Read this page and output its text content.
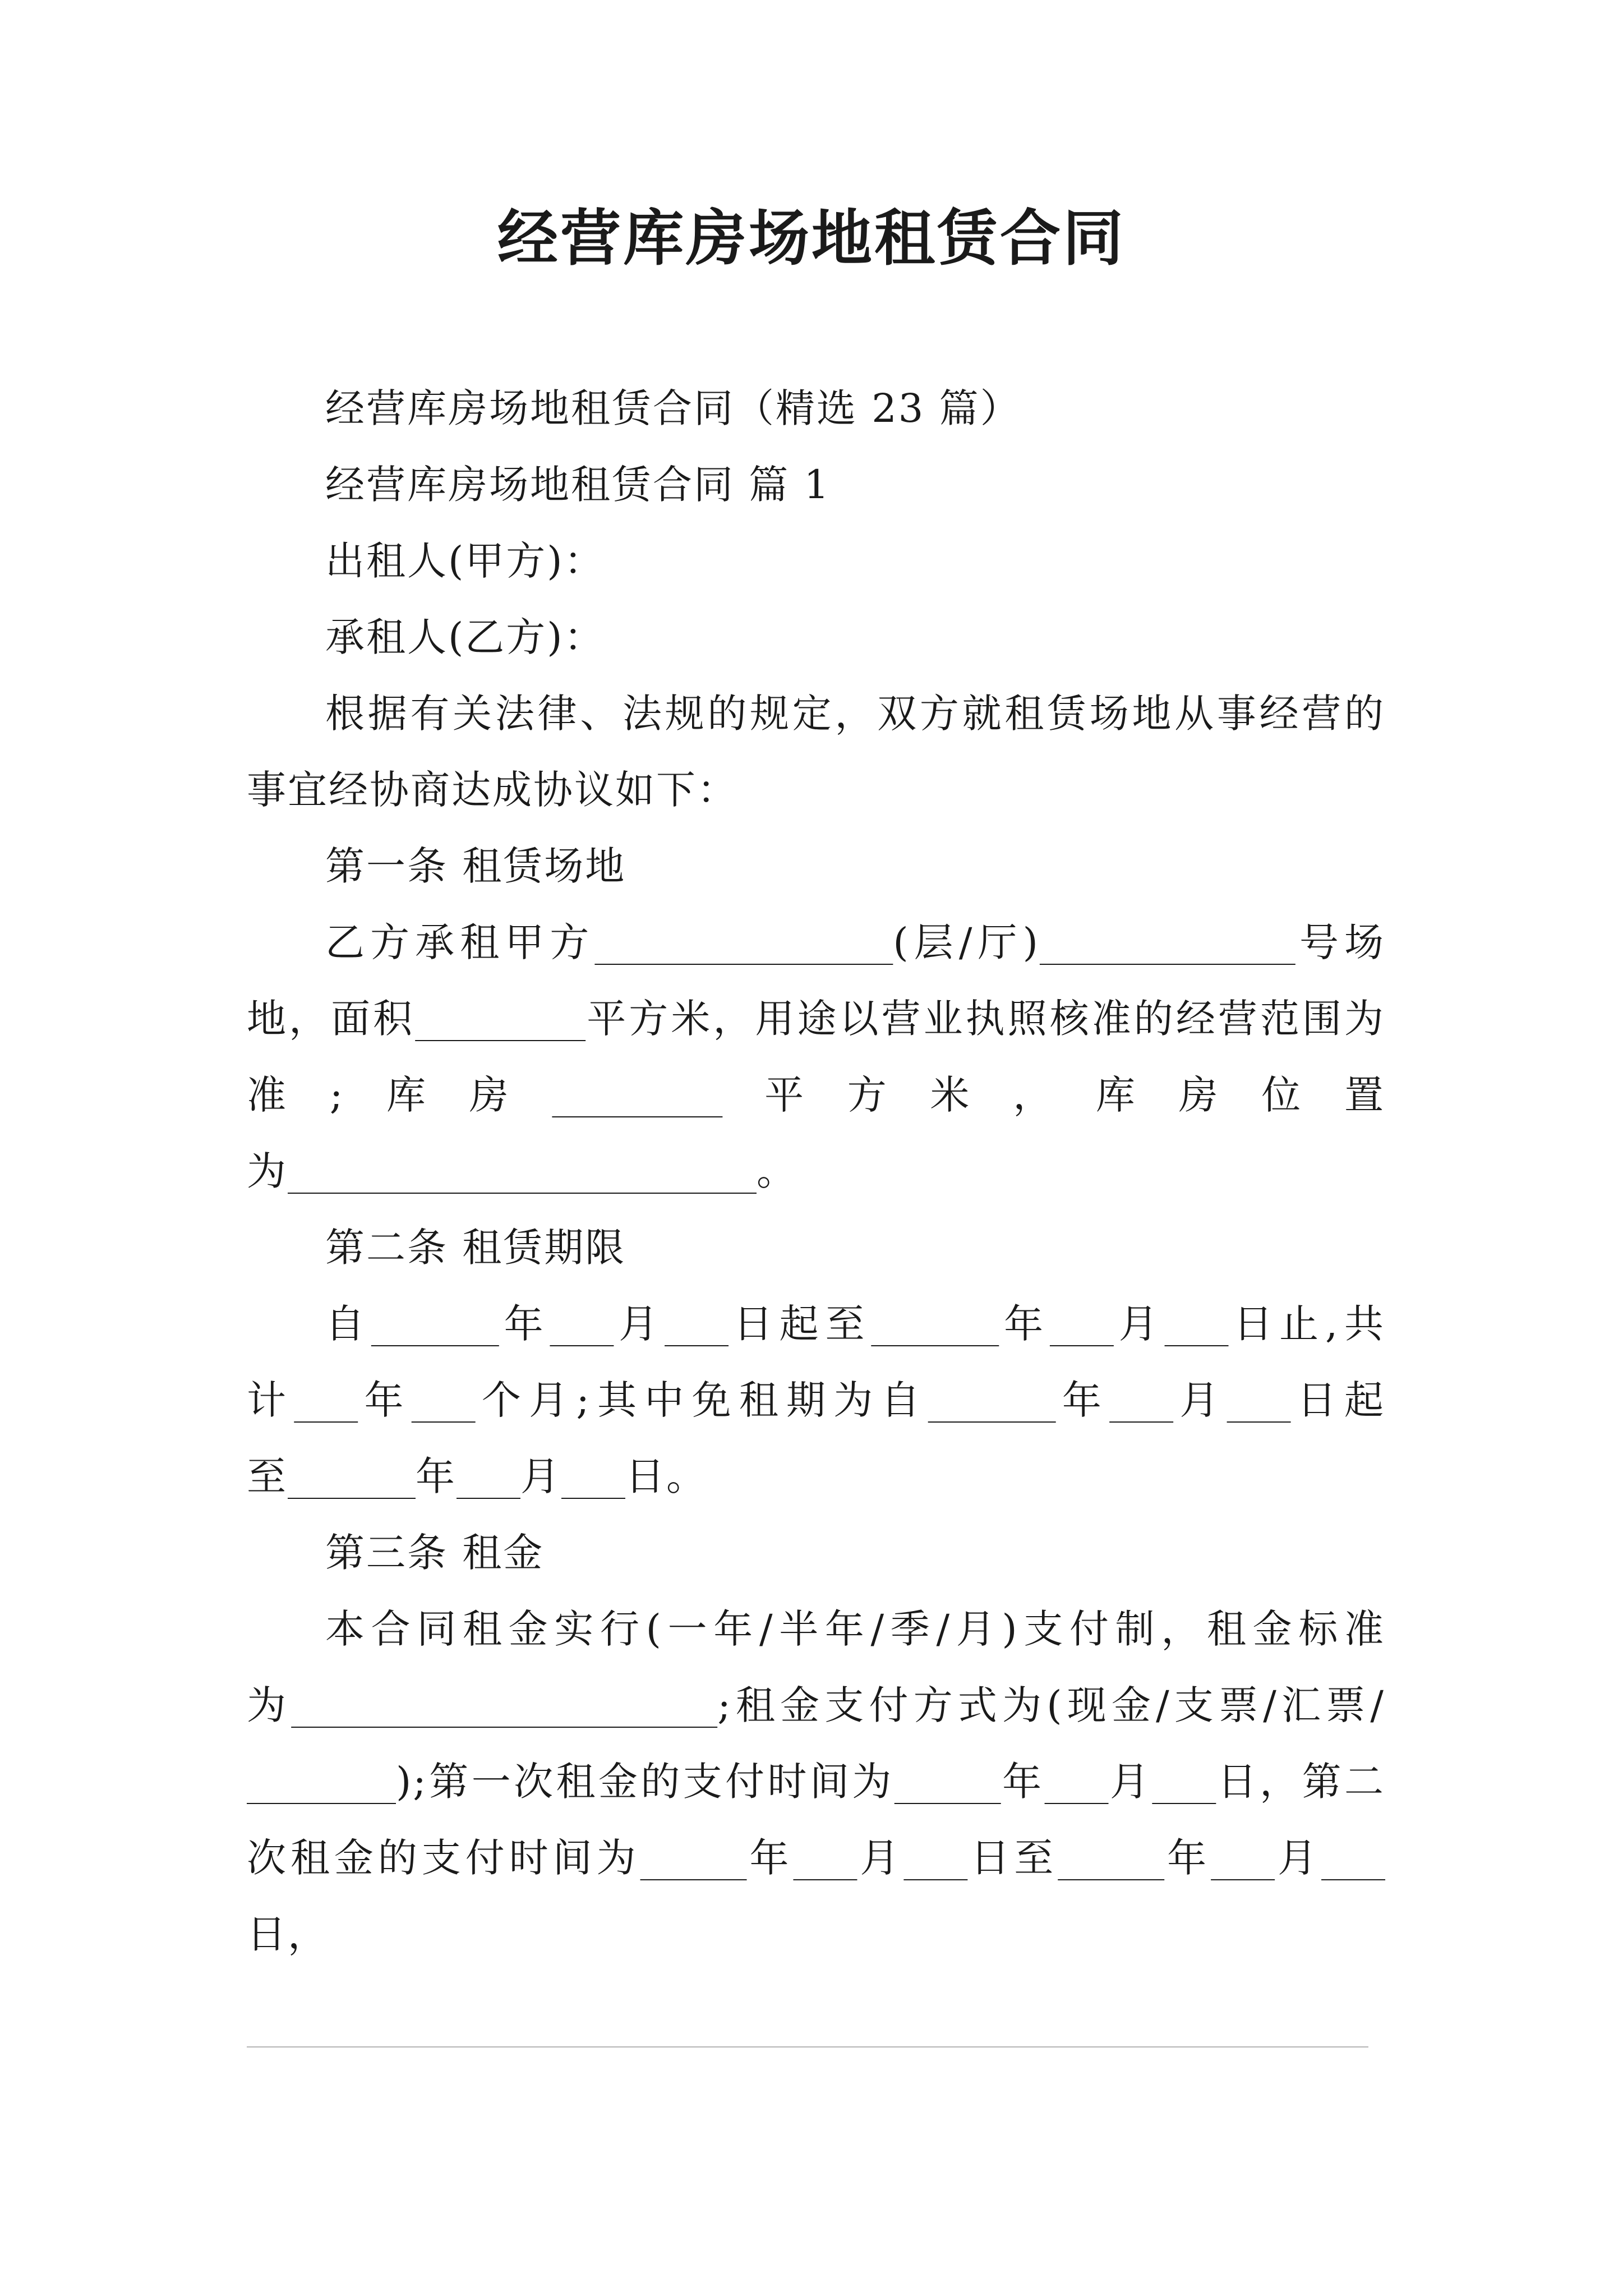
经营库房场地租赁合同

经营库房场地租赁合同（精选 23 篇）

经营库房场地租赁合同 篇 1

出租人(甲方)：

承租人(乙方)：

根据有关法律、法规的规定，双方就租赁场地从事经营的事宜经协商达成协议如下：

第一条 租赁场地

乙方承租甲方              	(层/厅)            	号场地，面积        	平方米，用途以营业执照核准的经营范围为准;库房        	平方米，库房位置为                      	。

第二条 租赁期限

自      	年    月    日起至      	年    月    日止,共计    年    个月;其中免租期为自      	年    月    日起至      	年    月    日。

第三条 租金

本合同租金实行(一年/半年/季/月)支付制，租金标准为                    	;租金支付方式为(现金/支票/汇票/       );第一次租金的支付时间为     	年    月    日，第二次租金的支付时间为     	年    月    日至     	年    月   日，
